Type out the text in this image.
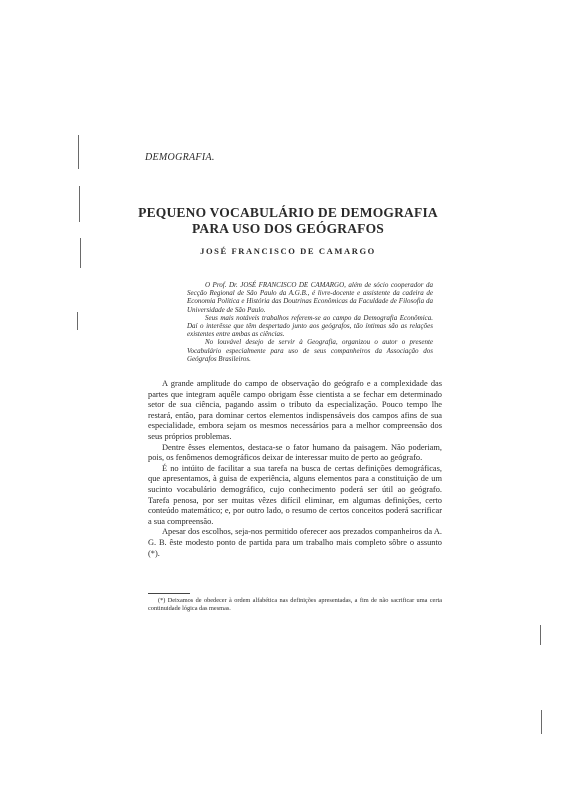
DEMOGRAFIA.
PEQUENO VOCABULÁRIO DE DEMOGRAFIA
PARA USO DOS GEÓGRAFOS
JOSÉ FRANCISCO DE CAMARGO

O Prof. Dr. JOSÉ FRANCISCO DE CAMARGO, além de sócio cooperador da Secção Regional de São Paulo da A.G.B., é livre-docente e assistente da cadeira de Economia Política e História das Doutrinas Econômicas da Faculdade de Filosofia da Universidade de São Paulo.

Seus mais notáveis trabalhos referem-se ao campo da Demografia Econômica. Daí o interêsse que têm despertado junto aos geógrafos, tão íntimas são as relações existentes entre ambas as ciências.

No louvável desejo de servir à Geografia, organizou o autor o presente Vocabulário especialmente para uso de seus companheiros da Associação dos Geógrafos Brasileiros.

A grande amplitude do campo de observação do geógrafo e a complexidade das partes que integram aquêle campo obrigam êsse cientista a se fechar em determinado setor de sua ciência, pagando assim o tributo da especialização. Pouco tempo lhe restará, então, para dominar certos elementos indispensáveis dos campos afins de sua especialidade, embora sejam os mesmos necessários para a melhor compreensão dos seus próprios problemas.

Dentre êsses elementos, destaca-se o fator humano da paisagem. Não poderiam, pois, os fenômenos demográficos deixar de interessar muito de perto ao geógrafo.

É no intúito de facilitar a sua tarefa na busca de certas definições demográficas, que apresentamos, à guisa de experiência, alguns elementos para a constituição de um sucinto vocabulário demográfico, cujo conhecimento poderá ser útil ao geógrafo. Tarefa penosa, por ser muitas vêzes difícil eliminar, em algumas definições, certo conteúdo matemático; e, por outro lado, o resumo de certos conceitos poderá sacrificar a sua compreensão.

Apesar dos escolhos, seja-nos permitido oferecer aos prezados companheiros da A. G. B. êste modesto ponto de partida para um trabalho mais completo sôbre o assunto (*).

(*) Deixamos de obedecer à ordem alfabética nas definições apresentadas, a fim de não sacrificar uma certa continuidade lógica das mesmas.
